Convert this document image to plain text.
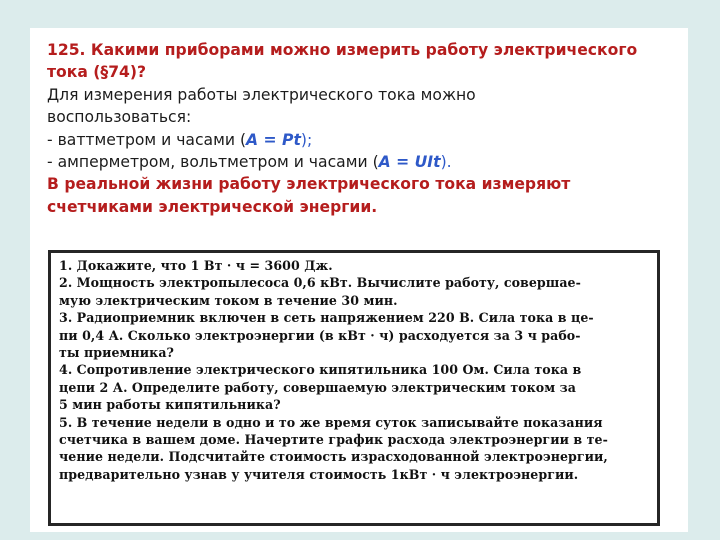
125. Какими приборами можно измерить работу электрического
тока (§74)?
Для измерения работы электрического тока можно
воспользоваться:
- ваттметром и часами (А = Pt);
- амперметром, вольтметром и часами (А = UIt).
В реальной жизни работу электрического тока измеряют
счетчиками электрической энергии.
1. Докажите, что 1 Вт · ч = 3600 Дж.
2. Мощность электропылесоса 0,6 кВт. Вычислите работу, совершае-
мую электрическим током в течение 30 мин.
3. Радиоприемник включен в сеть напряжением 220 В. Сила тока в це-
пи 0,4 А. Сколько электроэнергии (в кВт · ч) расходуется за 3 ч рабо-
ты приемника?
4. Сопротивление электрического кипятильника 100 Ом. Сила тока в
цепи 2 А. Определите работу, совершаемую электрическим током за
5 мин работы кипятильника?
5. В течение недели в одно и то же время суток записывайте показания
счетчика в вашем доме. Начертите график расхода электроэнергии в те-
чение недели. Подсчитайте стоимость израсходованной электроэнергии,
предварительно узнав у учителя стоимость 1кВт · ч электроэнергии.
